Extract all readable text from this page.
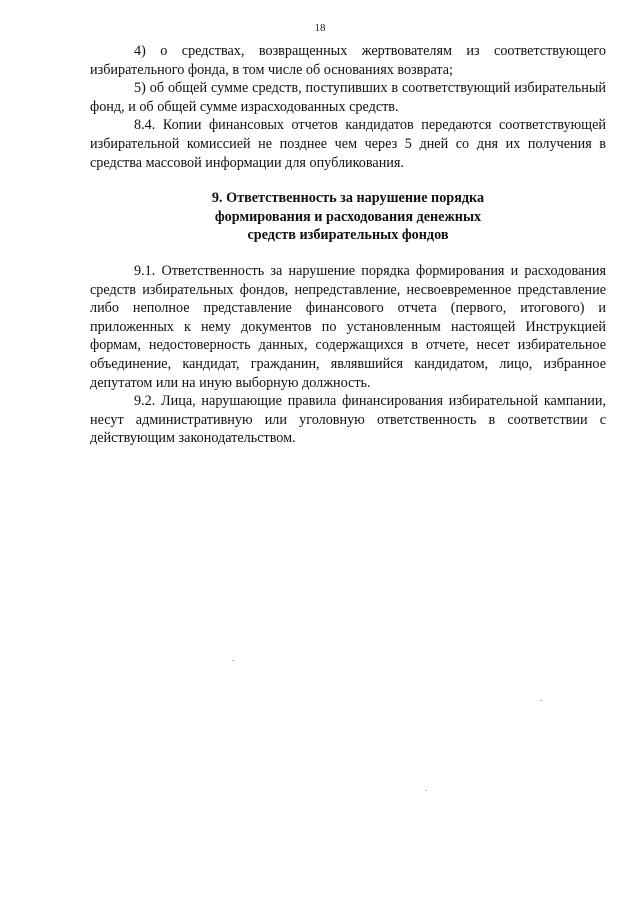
18

4) о средствах, возвращенных жертвователям из соответствующего избирательного фонда, в том числе об основаниях возврата;

5) об общей сумме средств, поступивших в соответствующий избирательный фонд, и об общей сумме израсходованных средств.

8.4. Копии финансовых отчетов кандидатов передаются соответствующей избирательной комиссией не позднее чем через 5 дней со дня их получения в средства массовой информации для опубликования.

9. Ответственность за нарушение порядка
формирования и расходования денежных
средств избирательных фондов

9.1. Ответственность за нарушение порядка формирования и расходования средств избирательных фондов, непредставление, несвоевременное представление либо неполное представление финансового отчета (первого, итогового) и приложенных к нему документов по установленным настоящей Инструкцией формам, недостоверность данных, содержащихся в отчете, несет избирательное объединение, кандидат, гражданин, являвшийся кандидатом, лицо, избранное депутатом или на иную выборную должность.

9.2. Лица, нарушающие правила финансирования избирательной кампании, несут административную или уголовную ответственность в соответствии с действующим законодательством.
